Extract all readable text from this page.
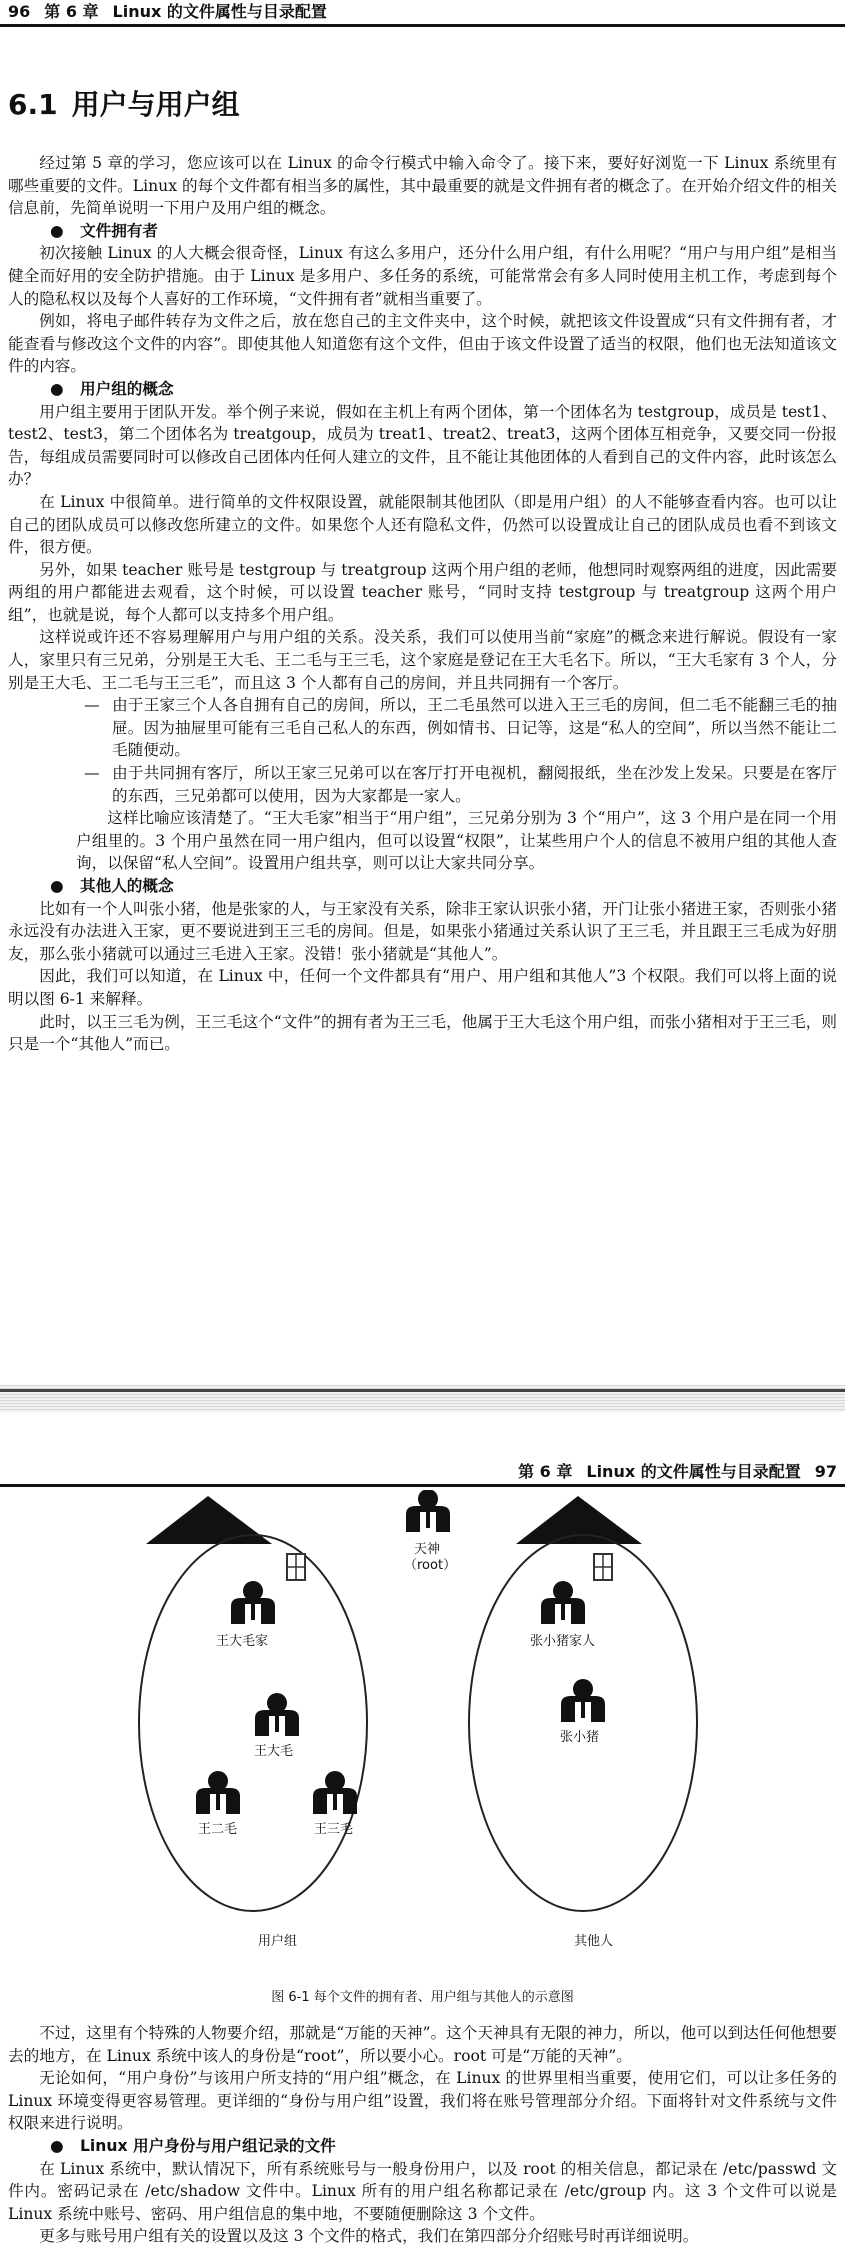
96 第 6 章 Linux 的文件属性与目录配置
6.1 用户与用户组

经过第 5 章的学习，您应该可以在 Linux 的命令行模式中输入命令了。接下来，要好好浏览一下 Linux 系统里有哪些重要的文件。Linux 的每个文件都有相当多的属性，其中最重要的就是文件拥有者的概念了。在开始介绍文件的相关信息前，先简单说明一下用户及用户组的概念。

● 文件拥有者

初次接触 Linux 的人大概会很奇怪，Linux 有这么多用户，还分什么用户组，有什么用呢？“用户与用户组”是相当健全而好用的安全防护措施。由于 Linux 是多用户、多任务的系统，可能常常会有多人同时使用主机工作，考虑到每个人的隐私权以及每个人喜好的工作环境，“文件拥有者”就相当重要了。

例如，将电子邮件转存为文件之后，放在您自己的主文件夹中，这个时候，就把该文件设置成“只有文件拥有者，才能查看与修改这个文件的内容”。即使其他人知道您有这个文件，但由于该文件设置了适当的权限，他们也无法知道该文件的内容。

● 用户组的概念

用户组主要用于团队开发。举个例子来说，假如在主机上有两个团体，第一个团体名为 testgroup，成员是 test1、test2、test3，第二个团体名为 treatgoup，成员为 treat1、treat2、treat3，这两个团体互相竞争，又要交同一份报告，每组成员需要同时可以修改自己团体内任何人建立的文件，且不能让其他团体的人看到自己的文件内容，此时该怎么办？

在 Linux 中很简单。进行简单的文件权限设置，就能限制其他团队（即是用户组）的人不能够查看内容。也可以让自己的团队成员可以修改您所建立的文件。如果您个人还有隐私文件，仍然可以设置成让自己的团队成员也看不到该文件，很方便。

另外，如果 teacher 账号是 testgroup 与 treatgroup 这两个用户组的老师，他想同时观察两组的进度，因此需要两组的用户都能进去观看，这个时候，可以设置 teacher 账号，“同时支持 testgroup 与 treatgroup 这两个用户组”，也就是说，每个人都可以支持多个用户组。

这样说或许还不容易理解用户与用户组的关系。没关系，我们可以使用当前“家庭”的概念来进行解说。假设有一家人，家里只有三兄弟，分别是王大毛、王二毛与王三毛，这个家庭是登记在王大毛名下。所以，“王大毛家有 3 个人，分别是王大毛、王二毛与王三毛”，而且这 3 个人都有自己的房间，并且共同拥有一个客厅。

— 由于王家三个人各自拥有自己的房间，所以，王二毛虽然可以进入王三毛的房间，但二毛不能翻三毛的抽屉。因为抽屉里可能有三毛自己私人的东西，例如情书、日记等，这是“私人的空间”，所以当然不能让二毛随便动。

— 由于共同拥有客厅，所以王家三兄弟可以在客厅打开电视机，翻阅报纸，坐在沙发上发呆。只要是在客厅的东西，三兄弟都可以使用，因为大家都是一家人。

这样比喻应该清楚了。“王大毛家”相当于“用户组”，三兄弟分别为 3 个“用户”，这 3 个用户是在同一个用户组里的。3 个用户虽然在同一用户组内，但可以设置“权限”，让某些用户个人的信息不被用户组的其他人查询，以保留“私人空间”。设置用户组共享，则可以让大家共同分享。

● 其他人的概念

比如有一个人叫张小猪，他是张家的人，与王家没有关系，除非王家认识张小猪，开门让张小猪进王家，否则张小猪永远没有办法进入王家，更不要说进到王三毛的房间。但是，如果张小猪通过关系认识了王三毛，并且跟王三毛成为好朋友，那么张小猪就可以通过三毛进入王家。没错！张小猪就是“其他人”。

因此，我们可以知道，在 Linux 中，任何一个文件都具有“用户、用户组和其他人”3 个权限。我们可以将上面的说明以图 6-1 来解释。

此时，以王三毛为例，王三毛这个“文件”的拥有者为王三毛，他属于王大毛这个用户组，而张小猪相对于王三毛，则只是一个“其他人”而已。

第 6 章 Linux 的文件属性与目录配置 97
天神
（root）
王大毛家
王大毛
王二毛	王三毛
张小猪家人
张小猪
用户组	其他人
图 6-1 每个文件的拥有者、用户组与其他人的示意图

不过，这里有个特殊的人物要介绍，那就是“万能的天神”。这个天神具有无限的神力，所以，他可以到达任何他想要去的地方，在 Linux 系统中该人的身份是“root”，所以要小心。root 可是“万能的天神”。

无论如何，“用户身份”与该用户所支持的“用户组”概念，在 Linux 的世界里相当重要，使用它们，可以让多任务的 Linux 环境变得更容易管理。更详细的“身份与用户组”设置，我们将在账号管理部分介绍。下面将针对文件系统与文件权限来进行说明。

● Linux 用户身份与用户组记录的文件

在 Linux 系统中，默认情况下，所有系统账号与一般身份用户，以及 root 的相关信息，都记录在 /etc/passwd 文件内。密码记录在 /etc/shadow 文件中。Linux 所有的用户组名称都记录在 /etc/group 内。这 3 个文件可以说是 Linux 系统中账号、密码、用户组信息的集中地，不要随便删除这 3 个文件。

更多与账号用户组有关的设置以及这 3 个文件的格式，我们在第四部分介绍账号时再详细说明。
